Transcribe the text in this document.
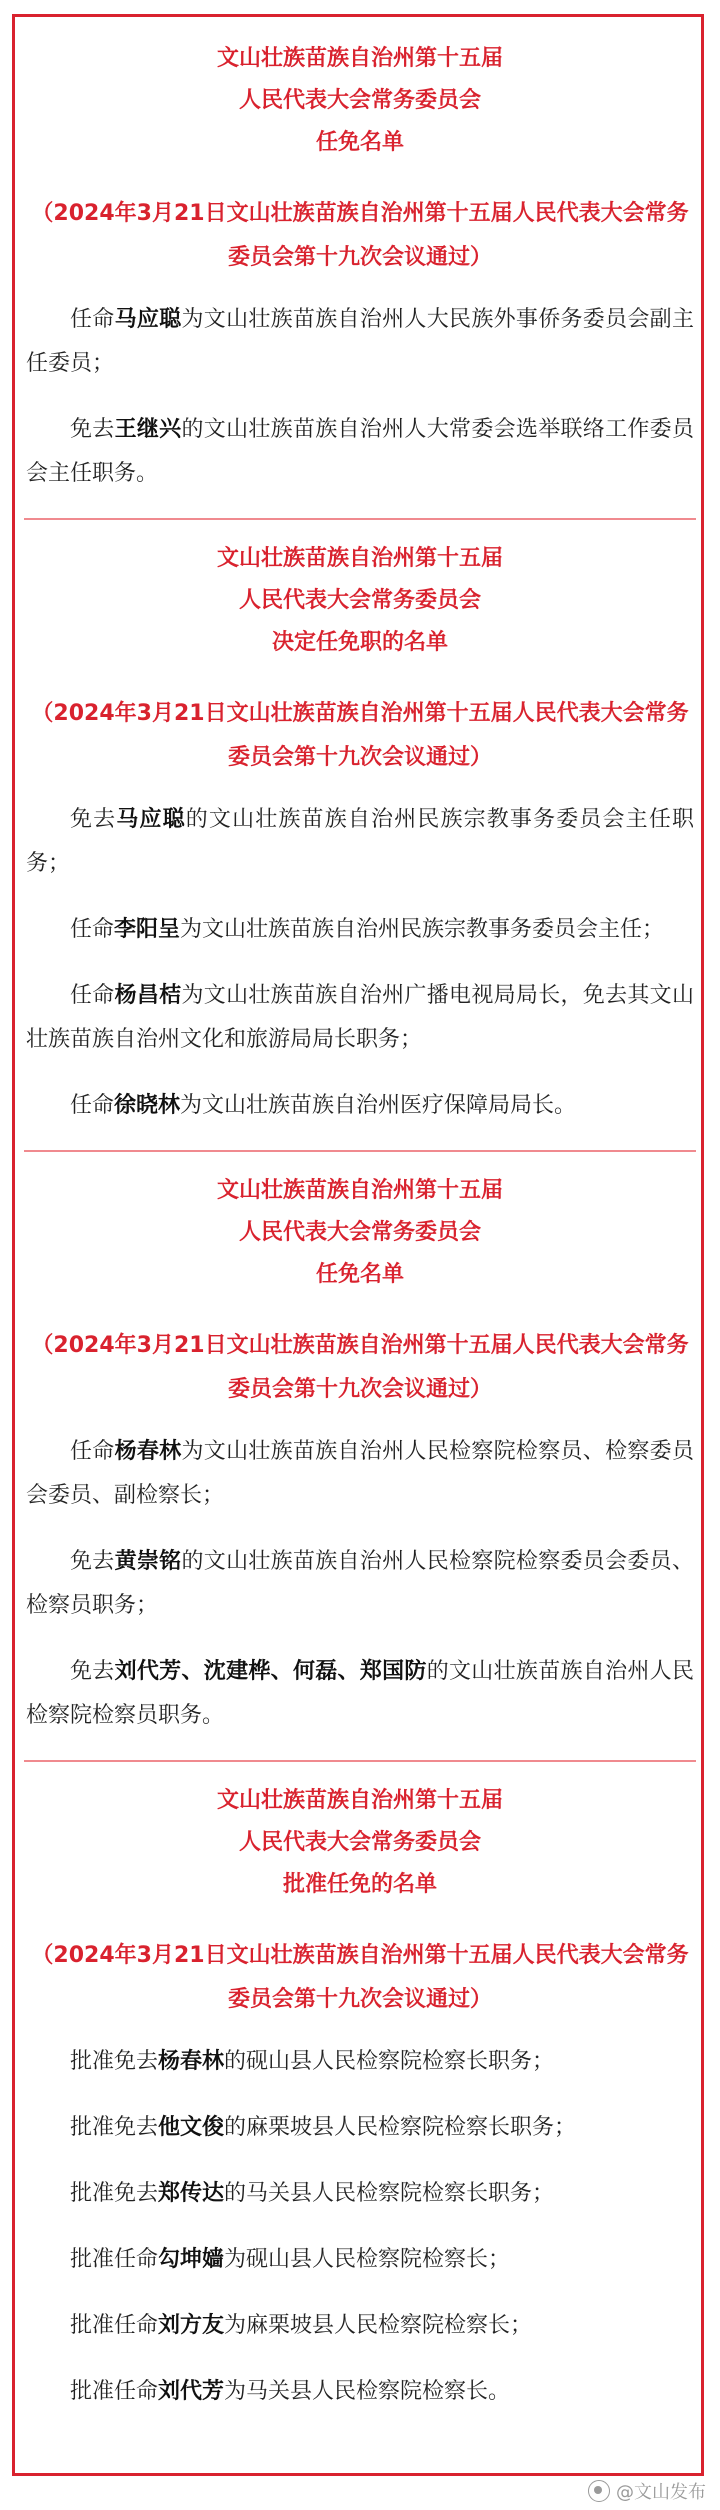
文山壮族苗族自治州第十五届
人民代表大会常务委员会
任免名单
（2024年3月21日文山壮族苗族自治州第十五届人民代表大会常务委员会第十九次会议通过）

任命马应聪为文山壮族苗族自治州人大民族外事侨务委员会副主任委员；

免去王继兴的文山壮族苗族自治州人大常委会选举联络工作委员会主任职务。

文山壮族苗族自治州第十五届
人民代表大会常务委员会
决定任免职的名单
（2024年3月21日文山壮族苗族自治州第十五届人民代表大会常务委员会第十九次会议通过）

免去马应聪的文山壮族苗族自治州民族宗教事务委员会主任职务；

任命李阳呈为文山壮族苗族自治州民族宗教事务委员会主任；

任命杨昌桔为文山壮族苗族自治州广播电视局局长，免去其文山壮族苗族自治州文化和旅游局局长职务；

任命徐晓林为文山壮族苗族自治州医疗保障局局长。

文山壮族苗族自治州第十五届
人民代表大会常务委员会
任免名单
（2024年3月21日文山壮族苗族自治州第十五届人民代表大会常务委员会第十九次会议通过）

任命杨春林为文山壮族苗族自治州人民检察院检察员、检察委员会委员、副检察长；

免去黄崇铭的文山壮族苗族自治州人民检察院检察委员会委员、检察员职务；

免去刘代芳、沈建桦、何磊、郑国防的文山壮族苗族自治州人民检察院检察员职务。

文山壮族苗族自治州第十五届
人民代表大会常务委员会
批准任免的名单
（2024年3月21日文山壮族苗族自治州第十五届人民代表大会常务委员会第十九次会议通过）

批准免去杨春林的砚山县人民检察院检察长职务；

批准免去他文俊的麻栗坡县人民检察院检察长职务；

批准免去郑传达的马关县人民检察院检察长职务；

批准任命勾坤嫱为砚山县人民检察院检察长；

批准任命刘方友为麻栗坡县人民检察院检察长；

批准任命刘代芳为马关县人民检察院检察长。

@文山发布
